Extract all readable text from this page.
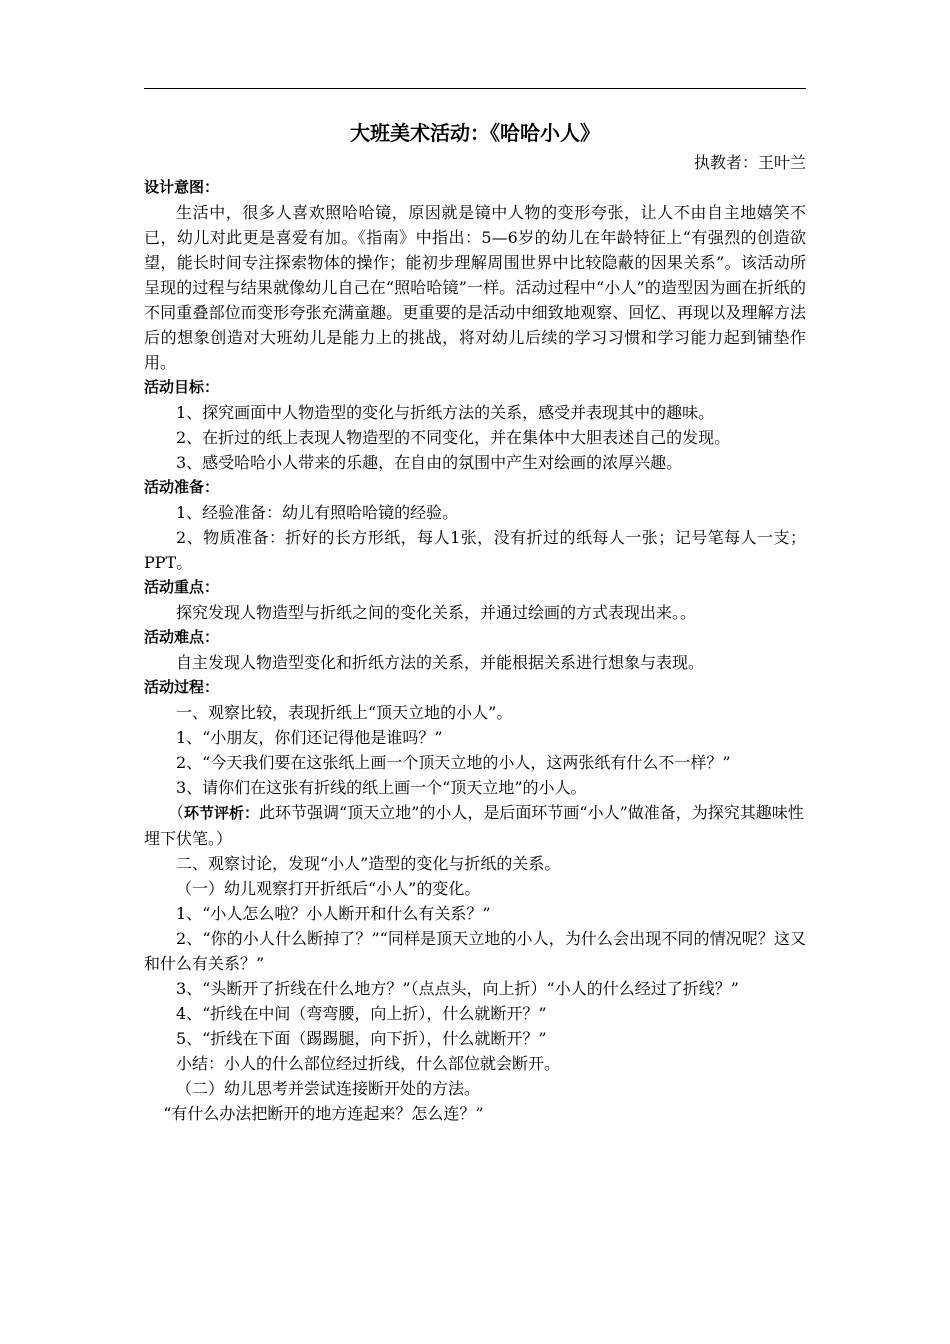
大班美术活动：《哈哈小人》
执教者：王叶兰

设计意图：

生活中，很多人喜欢照哈哈镜，原因就是镜中人物的变形夸张，让人不由自主地嬉笑不已，幼儿对此更是喜爱有加。《指南》中指出：5—6岁的幼儿在年龄特征上“有强烈的创造欲望，能长时间专注探索物体的操作；能初步理解周围世界中比较隐蔽的因果关系”。该活动所呈现的过程与结果就像幼儿自己在“照哈哈镜”一样。活动过程中“小人”的造型因为画在折纸的不同重叠部位而变形夸张充满童趣。更重要的是活动中细致地观察、回忆、再现以及理解方法后的想象创造对大班幼儿是能力上的挑战，将对幼儿后续的学习习惯和学习能力起到铺垫作用。

活动目标：

1、探究画面中人物造型的变化与折纸方法的关系，感受并表现其中的趣味。

2、在折过的纸上表现人物造型的不同变化，并在集体中大胆表述自己的发现。

3、感受哈哈小人带来的乐趣，在自由的氛围中产生对绘画的浓厚兴趣。

活动准备：

1、经验准备：幼儿有照哈哈镜的经验。

2、物质准备：折好的长方形纸，每人1张，没有折过的纸每人一张；记号笔每人一支；PPT。

活动重点：

探究发现人物造型与折纸之间的变化关系，并通过绘画的方式表现出来。。

活动难点：

自主发现人物造型变化和折纸方法的关系，并能根据关系进行想象与表现。

活动过程：

一、观察比较，表现折纸上“顶天立地的小人”。

1、“小朋友，你们还记得他是谁吗？”

2、“今天我们要在这张纸上画一个顶天立地的小人，这两张纸有什么不一样？”

3、请你们在这张有折线的纸上画一个“顶天立地”的小人。

（环节评析：此环节强调“顶天立地”的小人，是后面环节画“小人”做准备，为探究其趣味性埋下伏笔。）

二、观察讨论，发现“小人”造型的变化与折纸的关系。

（一）幼儿观察打开折纸后“小人”的变化。

1、“小人怎么啦？小人断开和什么有关系？”

2、“你的小人什么断掉了？”“同样是顶天立地的小人，为什么会出现不同的情况呢？这又和什么有关系？”

3、“头断开了折线在什么地方？”（点点头，向上折）“小人的什么经过了折线？”

4、“折线在中间（弯弯腰，向上折），什么就断开？”

5、“折线在下面（踢踢腿，向下折），什么就断开？”

小结：小人的什么部位经过折线，什么部位就会断开。

（二）幼儿思考并尝试连接断开处的方法。

“有什么办法把断开的地方连起来？怎么连？”
